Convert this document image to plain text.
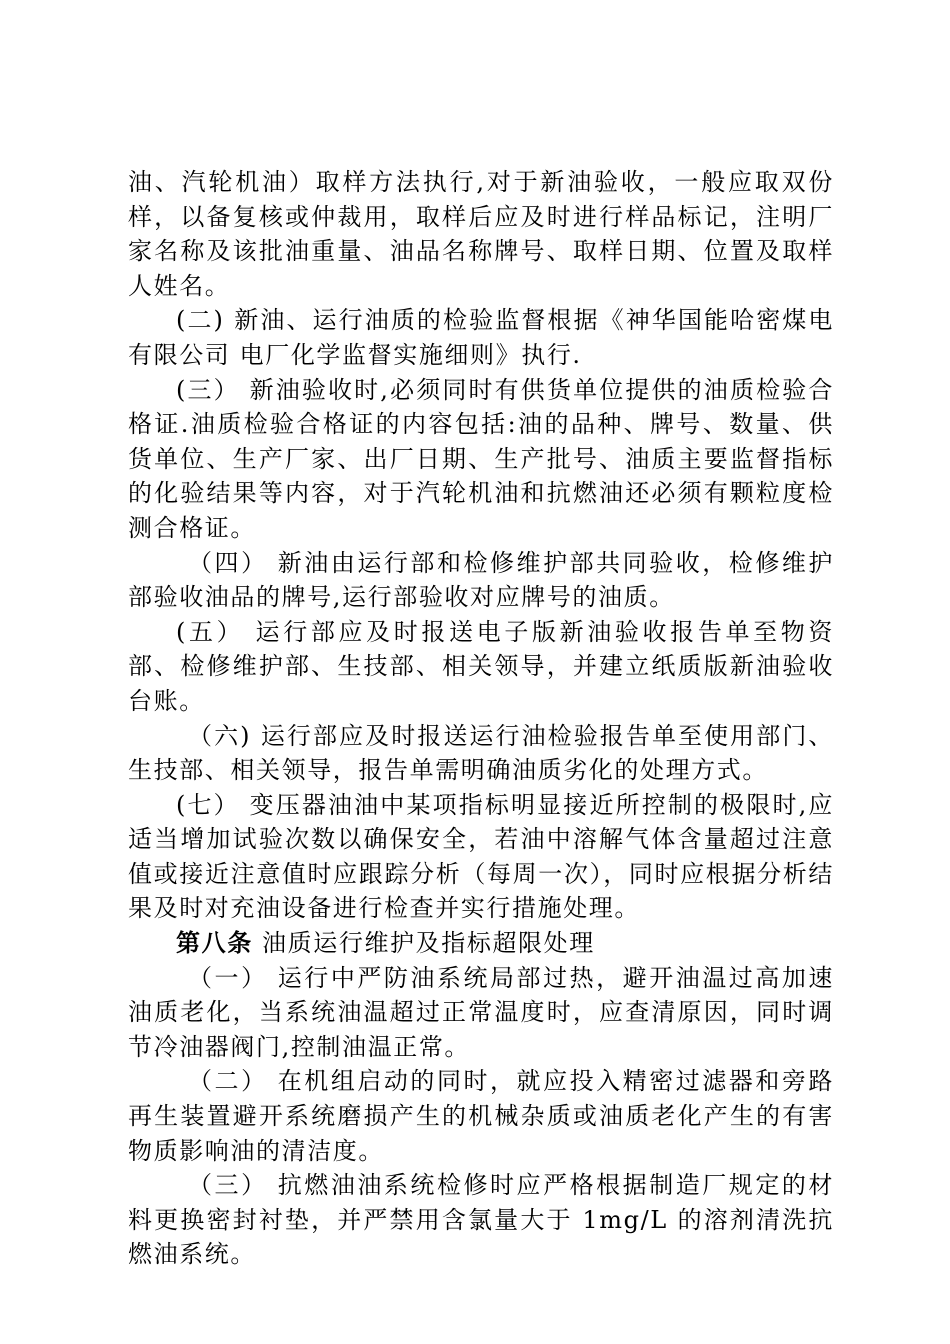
油、汽轮机油）取样方法执行,对于新油验收，一般应取双份样，以备复核或仲裁用，取样后应及时进行样品标记，注明厂家名称及该批油重量、油品名称牌号、取样日期、位置及取样人姓名。

(二) 新油、运行油质的检验监督根据《神华国能哈密煤电有限公司 电厂化学监督实施细则》执行.

(三） 新油验收时,必须同时有供货单位提供的油质检验合格证.油质检验合格证的内容包括:油的品种、牌号、数量、供货单位、生产厂家、出厂日期、生产批号、油质主要监督指标的化验结果等内容，对于汽轮机油和抗燃油还必须有颗粒度检测合格证。

（四） 新油由运行部和检修维护部共同验收，检修维护部验收油品的牌号,运行部验收对应牌号的油质。

(五） 运行部应及时报送电子版新油验收报告单至物资部、检修维护部、生技部、相关领导，并建立纸质版新油验收台账。

（六) 运行部应及时报送运行油检验报告单至使用部门、生技部、相关领导，报告单需明确油质劣化的处理方式。

(七） 变压器油油中某项指标明显接近所控制的极限时,应适当增加试验次数以确保安全，若油中溶解气体含量超过注意值或接近注意值时应跟踪分析（每周一次），同时应根据分析结果及时对充油设备进行检查并实行措施处理。

第八条 油质运行维护及指标超限处理

（一） 运行中严防油系统局部过热，避开油温过高加速油质老化，当系统油温超过正常温度时，应查清原因，同时调节冷油器阀门,控制油温正常。

（二） 在机组启动的同时，就应投入精密过滤器和旁路再生装置避开系统磨损产生的机械杂质或油质老化产生的有害物质影响油的清洁度。

（三） 抗燃油油系统检修时应严格根据制造厂规定的材料更换密封衬垫，并严禁用含氯量大于 1mg/L 的溶剂清洗抗燃油系统。
